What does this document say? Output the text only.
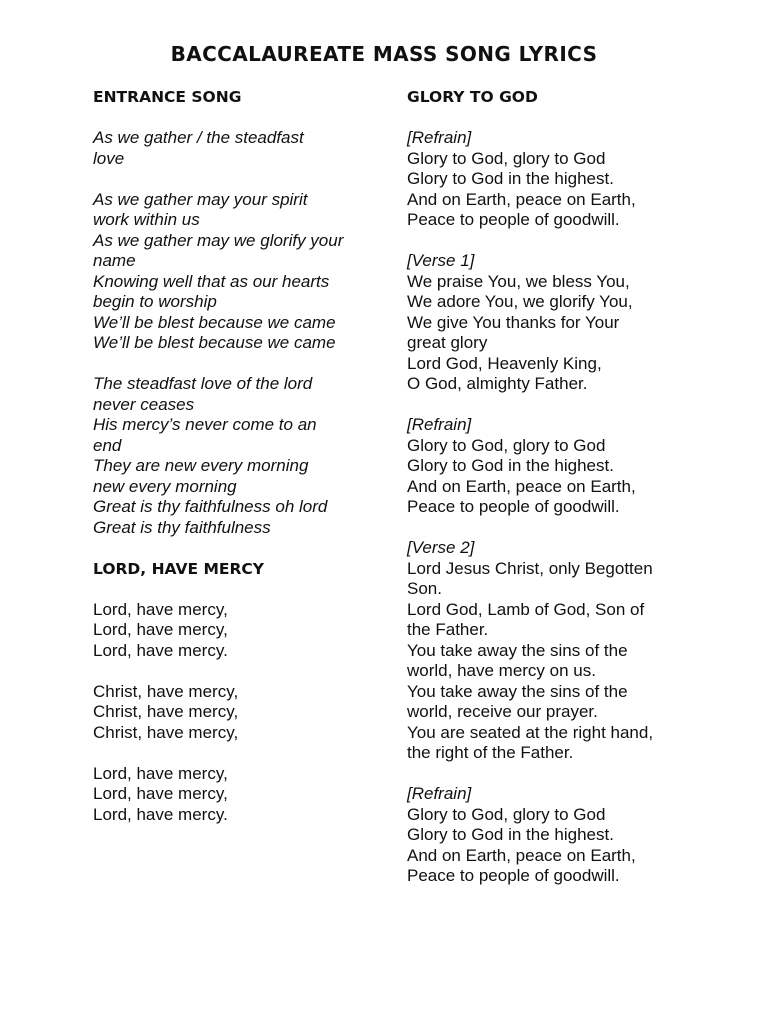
BACCALAUREATE MASS SONG LYRICS
ENTRANCE SONG
As we gather / the steadfast
love
As we gather may your spirit
work within us
As we gather may we glorify your
name
Knowing well that as our hearts
begin to worship
We’ll be blest because we came
We’ll be blest because we came
The steadfast love of the lord
never ceases
His mercy’s never come to an
end
They are new every morning
new every morning
Great is thy faithfulness oh lord
Great is thy faithfulness
LORD, HAVE MERCY
Lord, have mercy,
Lord, have mercy,
Lord, have mercy.
Christ, have mercy,
Christ, have mercy,
Christ, have mercy,
Lord, have mercy,
Lord, have mercy,
Lord, have mercy.
GLORY TO GOD
[Refrain]
Glory to God, glory to God
Glory to God in the highest.
And on Earth, peace on Earth,
Peace to people of goodwill.
[Verse 1]
We praise You, we bless You,
We adore You, we glorify You,
We give You thanks for Your
great glory
Lord God, Heavenly King,
O God, almighty Father.
[Refrain]
Glory to God, glory to God
Glory to God in the highest.
And on Earth, peace on Earth,
Peace to people of goodwill.
[Verse 2]
Lord Jesus Christ, only Begotten
Son.
Lord God, Lamb of God, Son of
the Father.
You take away the sins of the
world, have mercy on us.
You take away the sins of the
world, receive our prayer.
You are seated at the right hand,
the right of the Father.
[Refrain]
Glory to God, glory to God
Glory to God in the highest.
And on Earth, peace on Earth,
Peace to people of goodwill.
